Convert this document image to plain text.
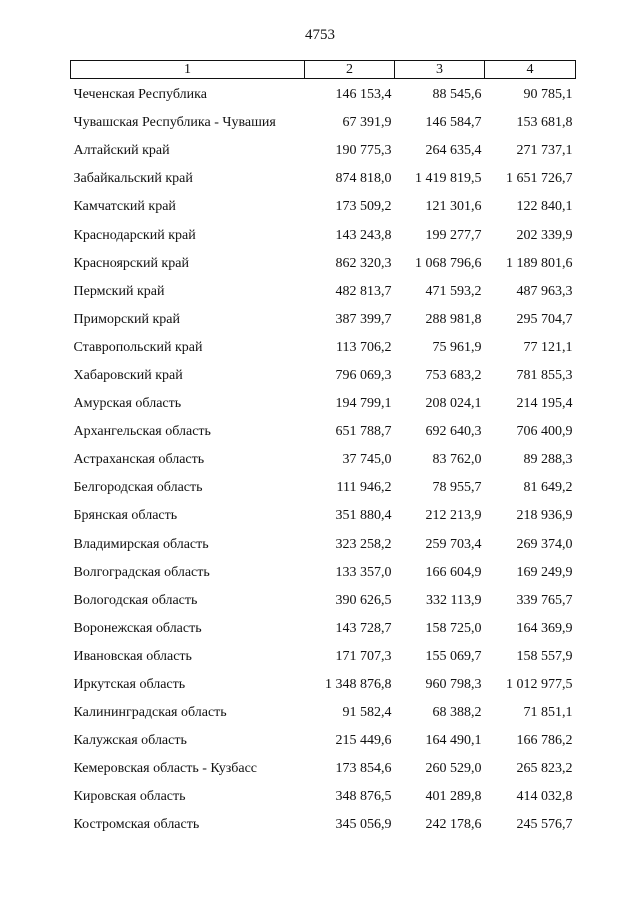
4753
1	2	3	4
Чеченская Республика	146 153,4	88 545,6	90 785,1
Чувашская Республика - Чувашия	67 391,9	146 584,7	153 681,8
Алтайский край	190 775,3	264 635,4	271 737,1
Забайкальский край	874 818,0	1 419 819,5	1 651 726,7
Камчатский край	173 509,2	121 301,6	122 840,1
Краснодарский край	143 243,8	199 277,7	202 339,9
Красноярский край	862 320,3	1 068 796,6	1 189 801,6
Пермский край	482 813,7	471 593,2	487 963,3
Приморский край	387 399,7	288 981,8	295 704,7
Ставропольский край	113 706,2	75 961,9	77 121,1
Хабаровский край	796 069,3	753 683,2	781 855,3
Амурская область	194 799,1	208 024,1	214 195,4
Архангельская область	651 788,7	692 640,3	706 400,9
Астраханская область	37 745,0	83 762,0	89 288,3
Белгородская область	111 946,2	78 955,7	81 649,2
Брянская область	351 880,4	212 213,9	218 936,9
Владимирская область	323 258,2	259 703,4	269 374,0
Волгоградская область	133 357,0	166 604,9	169 249,9
Вологодская область	390 626,5	332 113,9	339 765,7
Воронежская область	143 728,7	158 725,0	164 369,9
Ивановская область	171 707,3	155 069,7	158 557,9
Иркутская область	1 348 876,8	960 798,3	1 012 977,5
Калининградская область	91 582,4	68 388,2	71 851,1
Калужская область	215 449,6	164 490,1	166 786,2
Кемеровская область - Кузбасс	173 854,6	260 529,0	265 823,2
Кировская область	348 876,5	401 289,8	414 032,8
Костромская область	345 056,9	242 178,6	245 576,7
